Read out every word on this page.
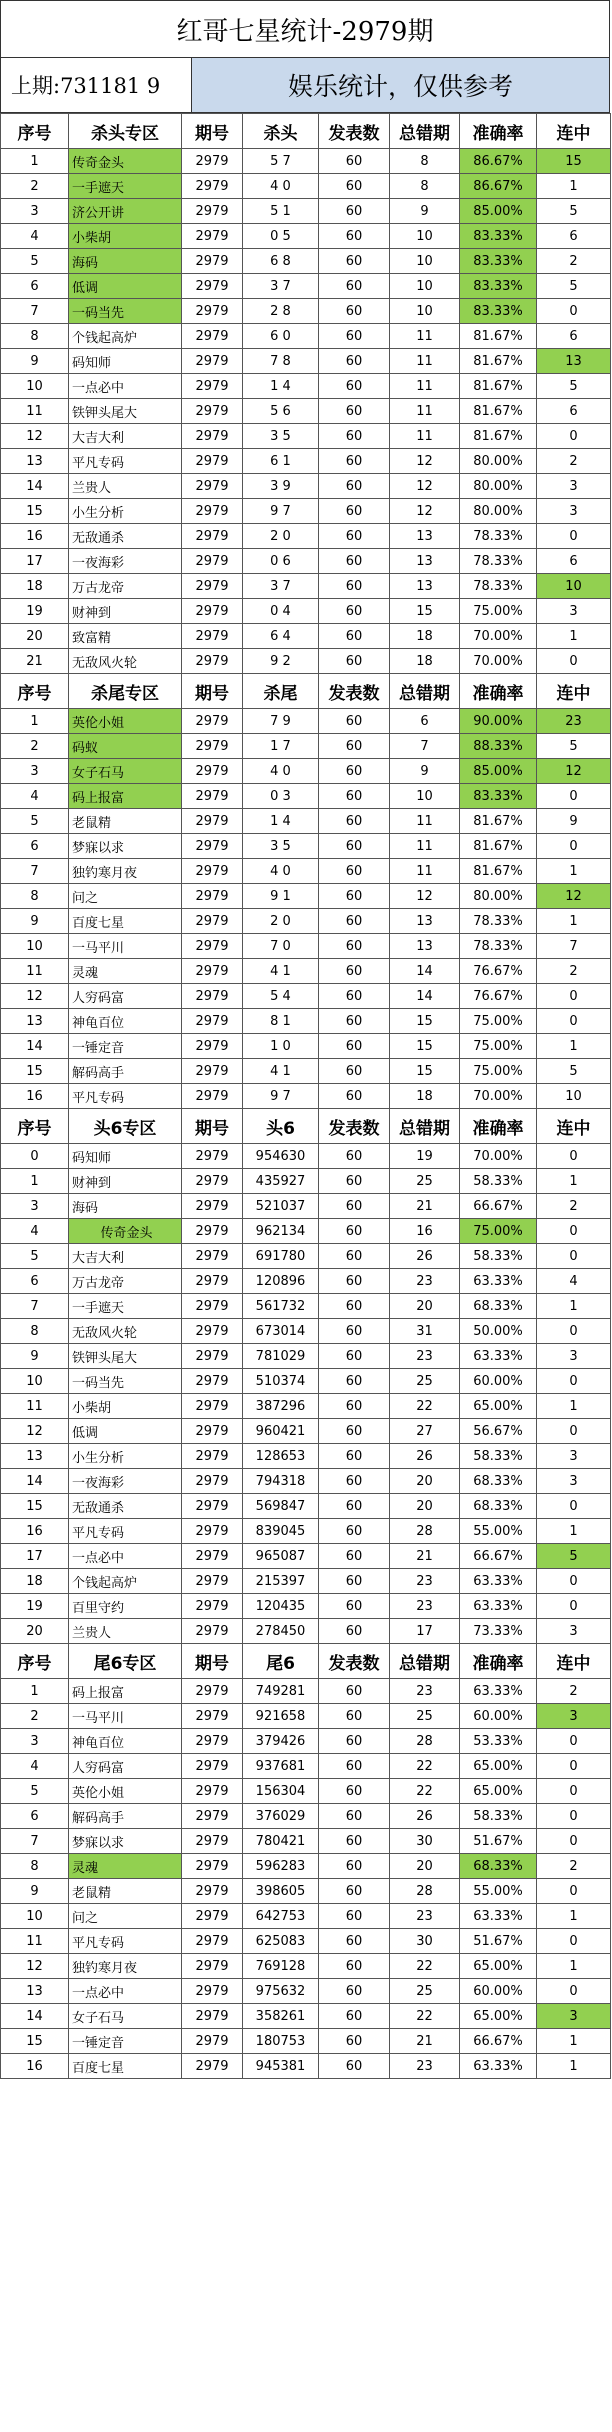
红哥七星统计-2979期
上期:731181 9	娱乐统计，仅供参考
序号	杀头专区	期号	杀头	发表数	总错期	准确率	连中
1	传奇金头	2979	5 7	60	8	86.67%	15
2	一手遮天	2979	4 0	60	8	86.67%	1
3	济公开讲	2979	5 1	60	9	85.00%	5
4	小柴胡	2979	0 5	60	10	83.33%	6
5	海码	2979	6 8	60	10	83.33%	2
6	低调	2979	3 7	60	10	83.33%	5
7	一码当先	2979	2 8	60	10	83.33%	0
8	个钱起高炉	2979	6 0	60	11	81.67%	6
9	码知师	2979	7 8	60	11	81.67%	13
10	一点必中	2979	1 4	60	11	81.67%	5
11	铁钾头尾大	2979	5 6	60	11	81.67%	6
12	大吉大利	2979	3 5	60	11	81.67%	0
13	平凡专码	2979	6 1	60	12	80.00%	2
14	兰贵人	2979	3 9	60	12	80.00%	3
15	小生分析	2979	9 7	60	12	80.00%	3
16	无敌通杀	2979	2 0	60	13	78.33%	0
17	一夜海彩	2979	0 6	60	13	78.33%	6
18	万古龙帝	2979	3 7	60	13	78.33%	10
19	财神到	2979	0 4	60	15	75.00%	3
20	致富精	2979	6 4	60	18	70.00%	1
21	无敌风火轮	2979	9 2	60	18	70.00%	0
序号	杀尾专区	期号	杀尾	发表数	总错期	准确率	连中
1	英伦小姐	2979	7 9	60	6	90.00%	23
2	码蚁	2979	1 7	60	7	88.33%	5
3	女子石马	2979	4 0	60	9	85.00%	12
4	码上报富	2979	0 3	60	10	83.33%	0
5	老鼠精	2979	1 4	60	11	81.67%	9
6	梦寐以求	2979	3 5	60	11	81.67%	0
7	独钓寒月夜	2979	4 0	60	11	81.67%	1
8	问之	2979	9 1	60	12	80.00%	12
9	百度七星	2979	2 0	60	13	78.33%	1
10	一马平川	2979	7 0	60	13	78.33%	7
11	灵魂	2979	4 1	60	14	76.67%	2
12	人穷码富	2979	5 4	60	14	76.67%	0
13	神龟百位	2979	8 1	60	15	75.00%	0
14	一锤定音	2979	1 0	60	15	75.00%	1
15	解码高手	2979	4 1	60	15	75.00%	5
16	平凡专码	2979	9 7	60	18	70.00%	10
序号	头6专区	期号	头6	发表数	总错期	准确率	连中
0	码知师	2979	954630	60	19	70.00%	0
1	财神到	2979	435927	60	25	58.33%	1
3	海码	2979	521037	60	21	66.67%	2
4	传奇金头	2979	962134	60	16	75.00%	0
5	大吉大利	2979	691780	60	26	58.33%	0
6	万古龙帝	2979	120896	60	23	63.33%	4
7	一手遮天	2979	561732	60	20	68.33%	1
8	无敌风火轮	2979	673014	60	31	50.00%	0
9	铁钾头尾大	2979	781029	60	23	63.33%	3
10	一码当先	2979	510374	60	25	60.00%	0
11	小柴胡	2979	387296	60	22	65.00%	1
12	低调	2979	960421	60	27	56.67%	0
13	小生分析	2979	128653	60	26	58.33%	3
14	一夜海彩	2979	794318	60	20	68.33%	3
15	无敌通杀	2979	569847	60	20	68.33%	0
16	平凡专码	2979	839045	60	28	55.00%	1
17	一点必中	2979	965087	60	21	66.67%	5
18	个钱起高炉	2979	215397	60	23	63.33%	0
19	百里守约	2979	120435	60	23	63.33%	0
20	兰贵人	2979	278450	60	17	73.33%	3
序号	尾6专区	期号	尾6	发表数	总错期	准确率	连中
1	码上报富	2979	749281	60	23	63.33%	2
2	一马平川	2979	921658	60	25	60.00%	3
3	神龟百位	2979	379426	60	28	53.33%	0
4	人穷码富	2979	937681	60	22	65.00%	0
5	英伦小姐	2979	156304	60	22	65.00%	0
6	解码高手	2979	376029	60	26	58.33%	0
7	梦寐以求	2979	780421	60	30	51.67%	0
8	灵魂	2979	596283	60	20	68.33%	2
9	老鼠精	2979	398605	60	28	55.00%	0
10	问之	2979	642753	60	23	63.33%	1
11	平凡专码	2979	625083	60	30	51.67%	0
12	独钓寒月夜	2979	769128	60	22	65.00%	1
13	一点必中	2979	975632	60	25	60.00%	0
14	女子石马	2979	358261	60	22	65.00%	3
15	一锤定音	2979	180753	60	21	66.67%	1
16	百度七星	2979	945381	60	23	63.33%	1
